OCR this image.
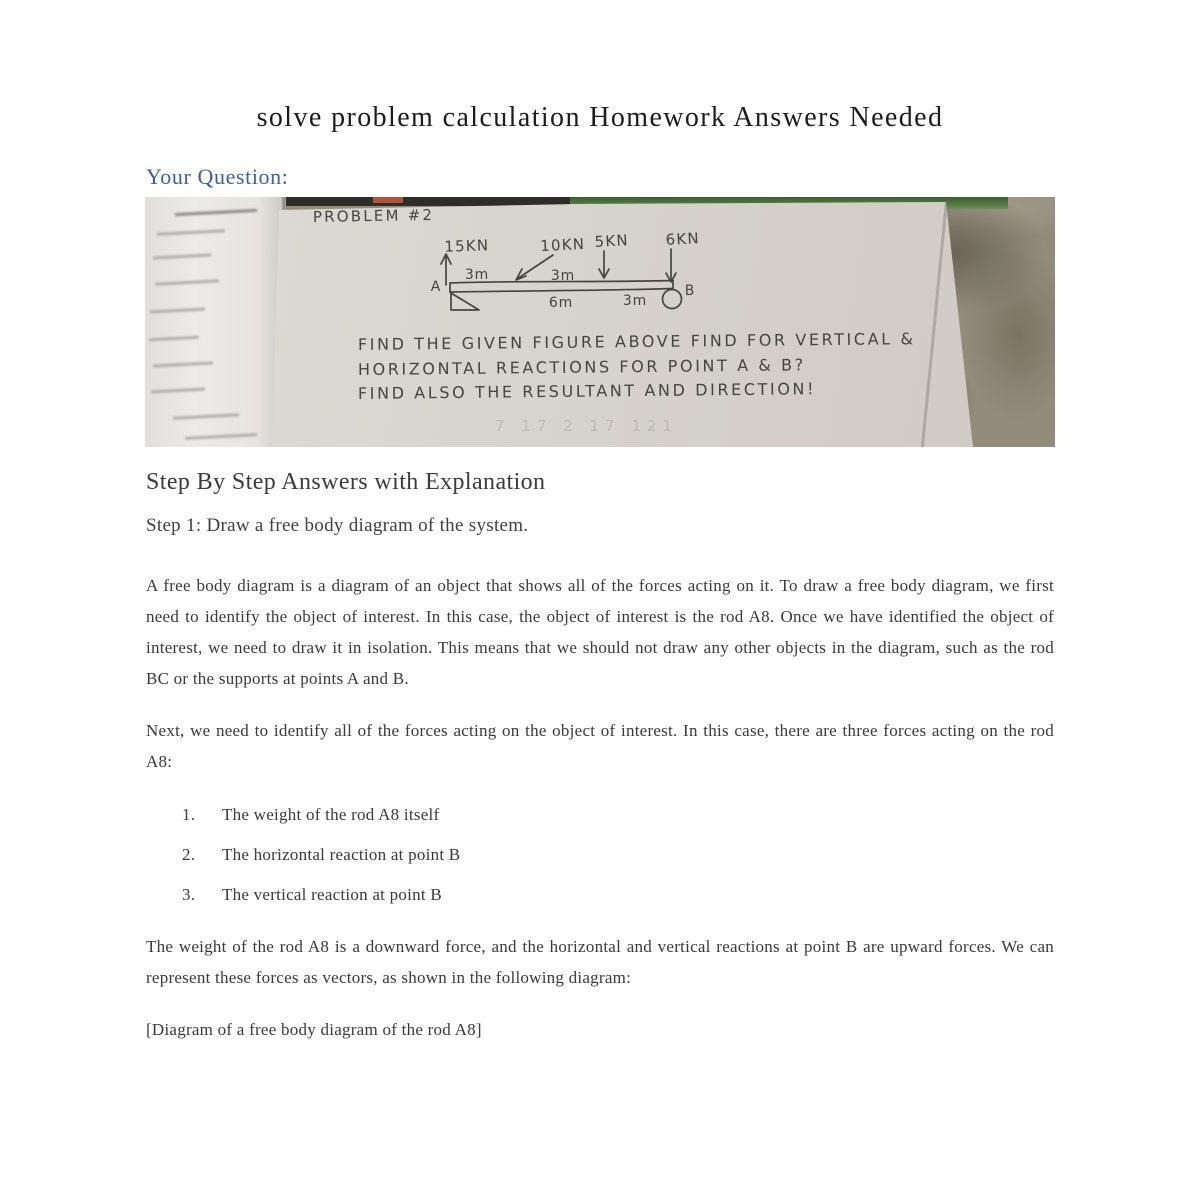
solve problem calculation Homework Answers Needed
Your Question:
PROBLEM #2
15KN	10KN 5KN 6KN
3m	3m
6m	3m
A	B
FIND THE GIVEN FIGURE ABOVE FIND FOR VERTICAL &
HORIZONTAL REACTIONS FOR POINT A & B?
FIND ALSO THE RESULTANT AND DIRECTION!
7 17 2 17 121
Step By Step Answers with Explanation

Step 1: Draw a free body diagram of the system.

A free body diagram is a diagram of an object that shows all of the forces acting on it. To draw a free body diagram, we first need to identify the object of interest. In this case, the object of interest is the rod A8. Once we have identified the object of interest, we need to draw it in isolation. This means that we should not draw any other objects in the diagram, such as the rod BC or the supports at points A and B.

Next, we need to identify all of the forces acting on the object of interest. In this case, there are three forces acting on the rod A8:

The weight of the rod A8 itself
The horizontal reaction at point B
The vertical reaction at point B

The weight of the rod A8 is a downward force, and the horizontal and vertical reactions at point B are upward forces. We can represent these forces as vectors, as shown in the following diagram:

[Diagram of a free body diagram of the rod A8]
